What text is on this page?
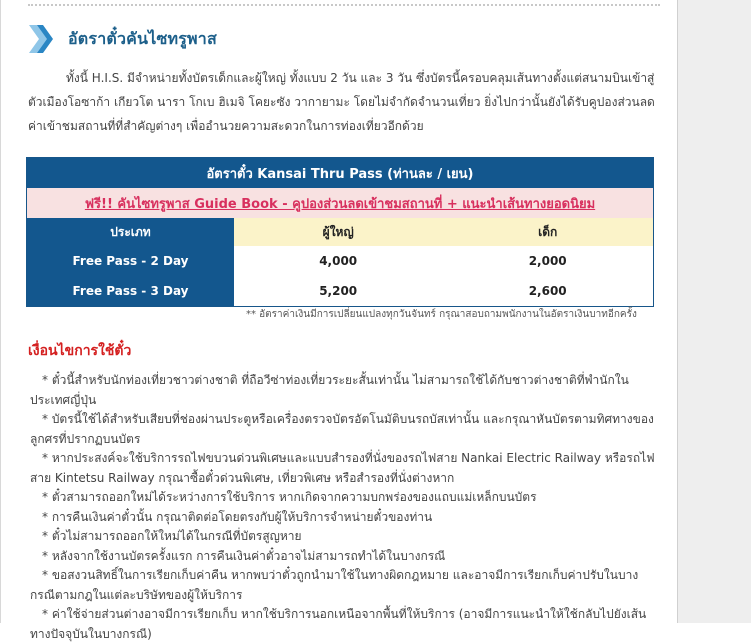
อัตราตั๋วคันไซทรูพาส

ทั้งนี้ H.I.S. มีจำหน่ายทั้งบัตรเด็กและผู้ใหญ่ ทั้งแบบ 2 วัน และ 3 วัน ซึ่งบัตรนี้ครอบคลุมเส้นทางตั้งแต่สนามบินเข้าสู่ตัวเมืองโอซาก้า เกียวโต นารา โกเบ ฮิเมจิ โคยะซัง วากายามะ โดยไม่จำกัดจำนวนเที่ยว ยิ่งไปกว่านั้นยังได้รับคูปองส่วนลดค่าเข้าชมสถานที่ที่สำคัญต่างๆ เพื่ออำนวยความสะดวกในการท่องเที่ยวอีกด้วย

อัตราตั๋ว Kansai Thru Pass (ท่านละ / เยน)		
ฟรี!! คันไซทรูพาส Guide Book - คูปองส่วนลดเข้าชมสถานที่ + แนะนำเส้นทางยอดนิยม		
ประเภท	ผู้ใหญ่	เด็ก
Free Pass - 2 Day	4,000	2,000
Free Pass - 3 Day	5,200	2,600
** อัตราค่าเงินมีการเปลี่ยนแปลงทุกวันจันทร์ กรุณาสอบถามพนักงานในอัตราเงินบาทอีกครั้ง
เงื่อนไขการใช้ตั๋ว
* ตั๋วนี้สำหรับนักท่องเที่ยวชาวต่างชาติ ที่ถือวีซ่าท่องเที่ยวระยะสั้นเท่านั้น ไม่สามารถใช้ได้กับชาวต่างชาติที่พำนักในประเทศญี่ปุ่น
* บัตรนี้ใช้ได้สำหรับเสียบที่ช่องผ่านประตูหรือเครื่องตรวจบัตรอัตโนมัติบนรถบัสเท่านั้น และกรุณาหันบัตรตามทิศทางของลูกศรที่ปรากฏบนบัตร
* หากประสงค์จะใช้บริการรถไฟขบวนด่วนพิเศษและแบบสำรองที่นั่งของรถไฟสาย Nankai Electric Railway หรือรถไฟสาย Kintetsu Railway กรุณาซื้อตั๋วด่วนพิเศษ, เที่ยวพิเศษ หรือสำรองที่นั่งต่างหาก
* ตั๋วสามารถออกใหม่ได้ระหว่างการใช้บริการ หากเกิดจากความบกพร่องของแถบแม่เหล็กบนบัตร
* การคืนเงินค่าตั๋วนั้น กรุณาติดต่อโดยตรงกับผู้ให้บริการจำหน่ายตั๋วของท่าน
* ตั๋วไม่สามารถออกให้ใหม่ได้ในกรณีที่บัตรสูญหาย
* หลังจากใช้งานบัตรครั้งแรก การคืนเงินค่าตั๋วอาจไม่สามารถทำได้ในบางกรณี
* ขอสงวนสิทธิ์ในการเรียกเก็บค่าคืน หากพบว่าตั๋วถูกนำมาใช้ในทางผิดกฎหมาย และอาจมีการเรียกเก็บค่าปรับในบางกรณีตามกฎในแต่ละบริษัทของผู้ให้บริการ
* ค่าใช้จ่ายส่วนต่างอาจมีการเรียกเก็บ หากใช้บริการนอกเหนือจากพื้นที่ให้บริการ (อาจมีการแนะนำให้ใช้กลับไปยังเส้นทางปัจจุบันในบางกรณี)
